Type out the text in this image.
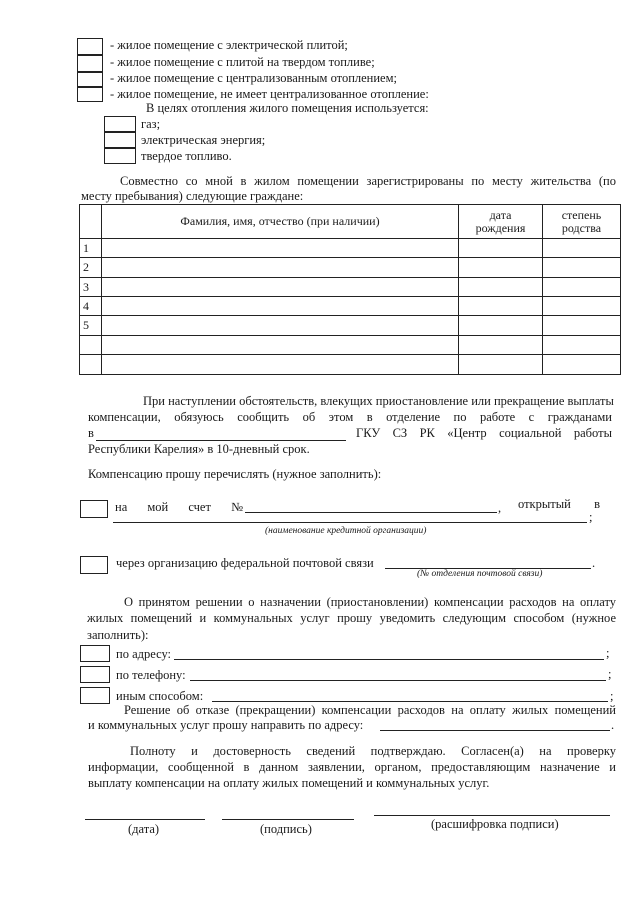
- жилое помещение с электрической плитой;
- жилое помещение с плитой на твердом топливе;
- жилое помещение с централизованным отоплением;
- жилое помещение, не имеет централизованное отопление:
В целях отопления жилого помещения используется:
газ;
электрическая энергия;
твердое топливо.
Совместно со мной в жилом помещении зарегистрированы по месту жительства (по
месту пребывания) следующие граждане:
	Фамилия, имя, отчество (при наличии)	дата рождения	степень родства
1			
2			
3			
4			
5			

При наступлении обстоятельств, влекущих приостановление или прекращение выплаты
компенсации, обязуюсь сообщить об этом в отделение по работе с гражданами
в	ГКУ СЗ РК «Центр социальной работы
Республики Карелия» в 10-дневный срок.
Компенсацию прошу перечислять (нужное заполнить):
на мой счет №	, открытый в
;
(наименование кредитной организации)
через организацию федеральной почтовой связи	.
(№ отделения почтовой связи)
О принятом решении о назначении (приостановлении) компенсации расходов на оплату
жилых помещений и коммунальных услуг прошу уведомить следующим способом (нужное
заполнить):
по адресу:	;
по телефону:	;
иным способом:	;
Решение об отказе (прекращении) компенсации расходов на оплату жилых помещений
и коммунальных услуг прошу направить по адресу:	.
Полноту и достоверность сведений подтверждаю. Согласен(а) на проверку
информации, сообщенной в данном заявлении, органом, предоставляющим назначение и
выплату компенсации на оплату жилых помещений и коммунальных услуг.
(дата)	(подпись)	(расшифровка подписи)
